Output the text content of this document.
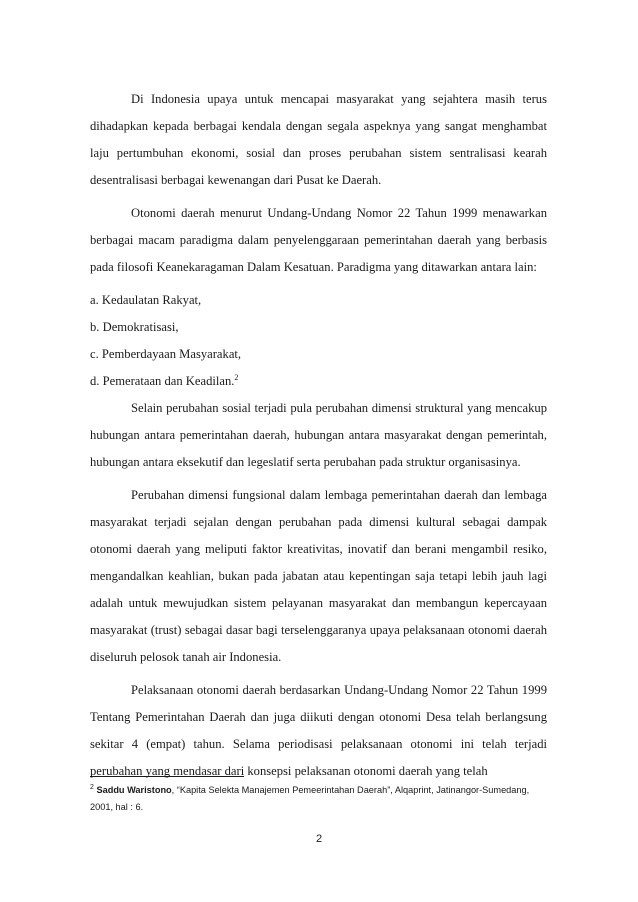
Di Indonesia upaya untuk mencapai masyarakat yang sejahtera masih terus dihadapkan kepada berbagai kendala dengan segala aspeknya yang sangat menghambat laju pertumbuhan ekonomi, sosial dan proses perubahan sistem sentralisasi kearah desentralisasi berbagai kewenangan dari Pusat ke Daerah.

Otonomi daerah menurut Undang-Undang Nomor 22 Tahun 1999 menawarkan berbagai macam paradigma dalam penyelenggaraan pemerintahan daerah yang berbasis pada filosofi Keanekaragaman Dalam Kesatuan. Paradigma yang ditawarkan antara lain:

a. Kedaulatan Rakyat,

b. Demokratisasi,

c. Pemberdayaan Masyarakat,

d. Pemerataan dan Keadilan.$^2$

Selain perubahan sosial terjadi pula perubahan dimensi struktural yang mencakup hubungan antara pemerintahan daerah, hubungan antara masyarakat dengan pemerintah, hubungan antara eksekutif dan legeslatif serta perubahan pada struktur organisasinya.

Perubahan dimensi fungsional dalam lembaga pemerintahan daerah dan lembaga masyarakat terjadi sejalan dengan perubahan pada dimensi kultural sebagai dampak otonomi daerah yang meliputi faktor kreativitas, inovatif dan berani mengambil resiko, mengandalkan keahlian, bukan pada jabatan atau kepentingan saja tetapi lebih jauh lagi adalah untuk mewujudkan sistem pelayanan masyarakat dan membangun kepercayaan masyarakat (trust) sebagai dasar bagi terselenggaranya upaya pelaksanaan otonomi daerah diseluruh pelosok tanah air Indonesia.

Pelaksanaan otonomi daerah berdasarkan Undang-Undang Nomor 22 Tahun 1999 Tentang Pemerintahan Daerah dan juga diikuti dengan otonomi Desa telah berlangsung sekitar 4 (empat) tahun. Selama periodisasi pelaksanaan otonomi ini telah terjadi perubahan yang mendasar dari konsepsi pelaksanan otonomi daerah yang telah

$^2$ Saddu Waristono, “Kapita Selekta Manajemen Pemeerintahan Daerah”, Alqaprint, Jatinangor-Sumedang, 2001, hal : 6.
2
